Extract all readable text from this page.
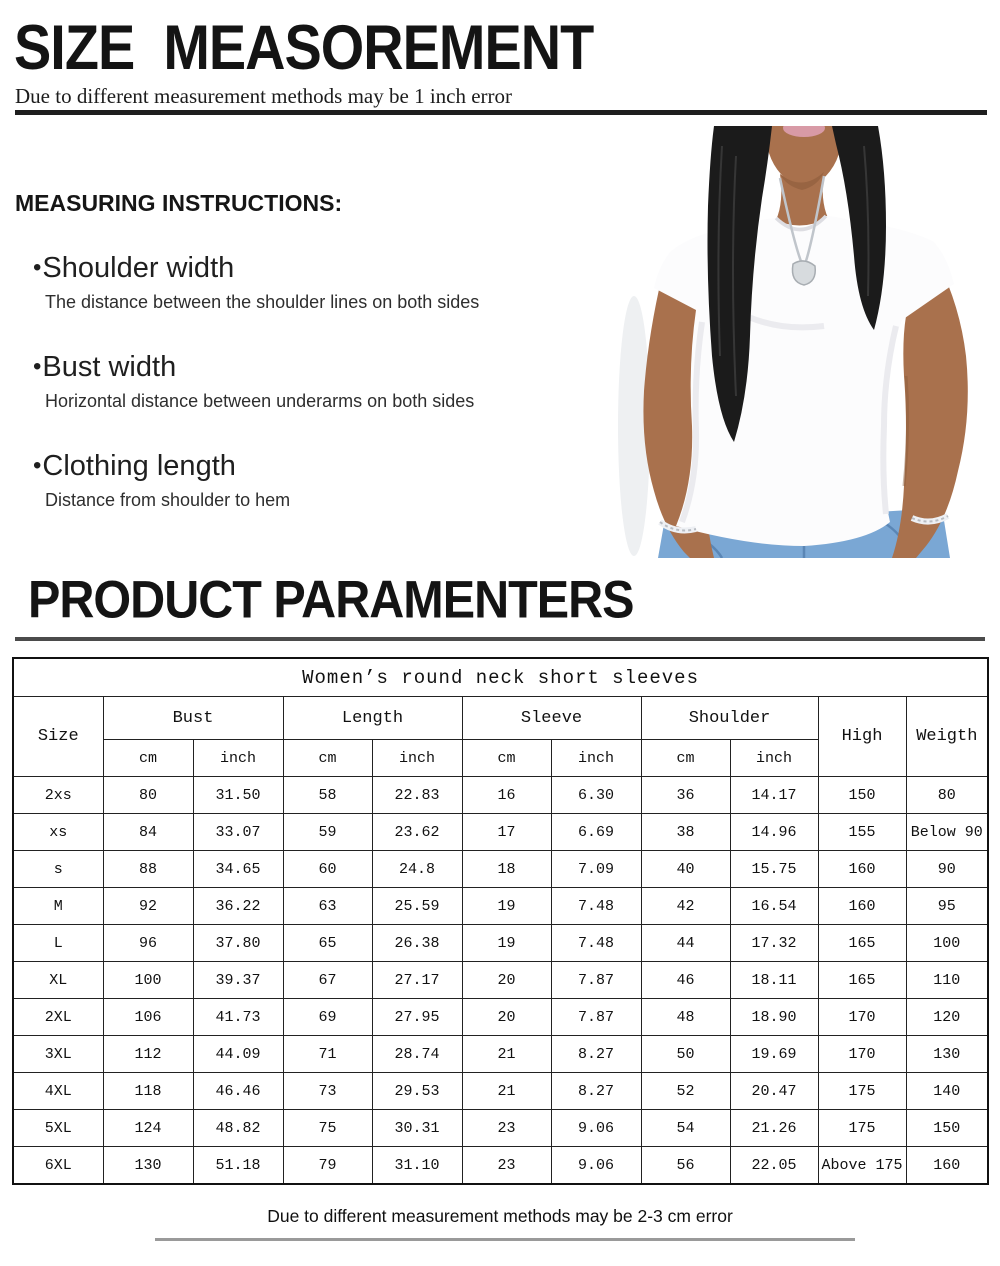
SIZE  MEASOREMENT
Due to different measurement methods may be 1 inch error
MEASURING INSTRUCTIONS:
•Shoulder width
The distance between the shoulder lines on both sides
•Bust width
Horizontal distance between underarms on both sides
•Clothing length
Distance from shoulder to hem
PRODUCT PARAMENTERS
Women’s round neck short sleeves										
Size	Bust		Length		Sleeve		Shoulder		High	Weigth
	cm	inch	cm	inch	cm	inch	cm	inch		
2xs	80	31.50	58	22.83	16	6.30	36	14.17	150	80
xs	84	33.07	59	23.62	17	6.69	38	14.96	155	Below 90
s	88	34.65	60	24.8	18	7.09	40	15.75	160	90
M	92	36.22	63	25.59	19	7.48	42	16.54	160	95
L	96	37.80	65	26.38	19	7.48	44	17.32	165	100
XL	100	39.37	67	27.17	20	7.87	46	18.11	165	110
2XL	106	41.73	69	27.95	20	7.87	48	18.90	170	120
3XL	112	44.09	71	28.74	21	8.27	50	19.69	170	130
4XL	118	46.46	73	29.53	21	8.27	52	20.47	175	140
5XL	124	48.82	75	30.31	23	9.06	54	21.26	175	150
6XL	130	51.18	79	31.10	23	9.06	56	22.05	Above 175	160
Due to different measurement methods may be 2-3 cm error
